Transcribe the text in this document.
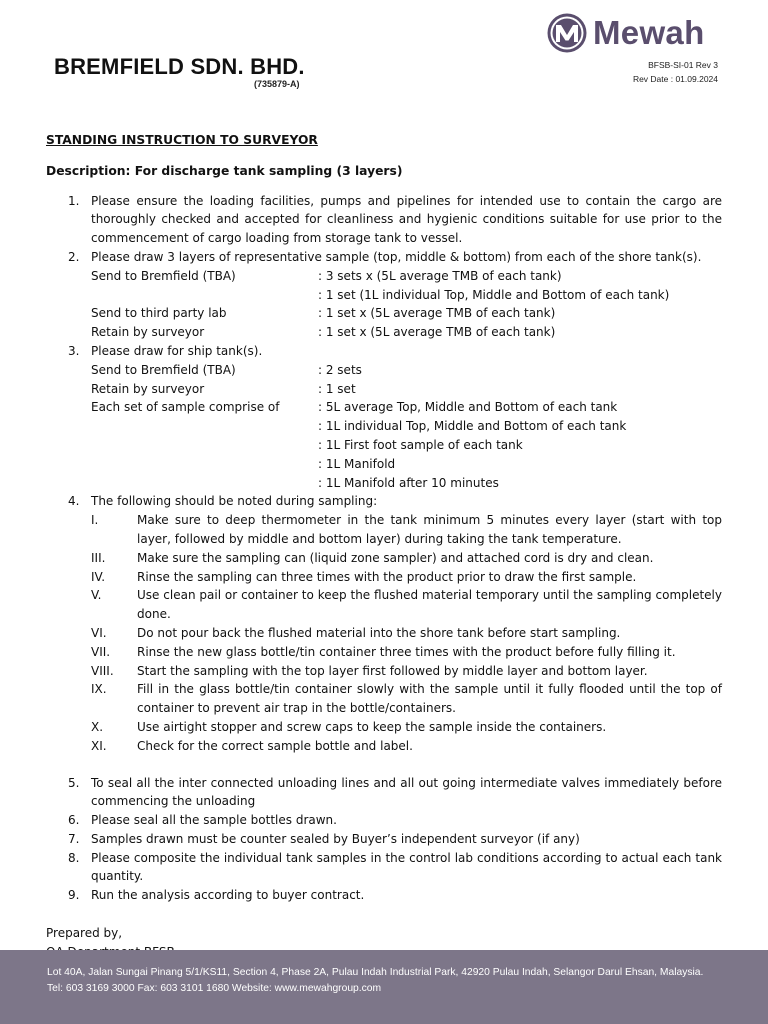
BREMFIELD SDN. BHD.
(735879-A)
Mewah
BFSB-SI-01 Rev 3
Rev Date : 01.09.2024
STANDING INSTRUCTION TO SURVEYOR
Description: For discharge tank sampling (3 layers)
1. Please ensure the loading facilities, pumps and pipelines for intended use to contain the cargo are thoroughly checked and accepted for cleanliness and hygienic conditions suitable for use prior to the commencement of cargo loading from storage tank to vessel.
2. Please draw 3 layers of representative sample (top, middle & bottom) from each of the shore tank(s).
Send to Bremfield (TBA)	: 3 sets x (5L average TMB of each tank)
: 1 set (1L individual Top, Middle and Bottom of each tank)
Send to third party lab	: 1 set x (5L average TMB of each tank)
Retain by surveyor	: 1 set x (5L average TMB of each tank)
3. Please draw for ship tank(s).
Send to Bremfield (TBA)	: 2 sets
Retain by surveyor	: 1 set
Each set of sample comprise of	: 5L average Top, Middle and Bottom of each tank
: 1L individual Top, Middle and Bottom of each tank
: 1L First foot sample of each tank
: 1L Manifold
: 1L Manifold after 10 minutes
4. The following should be noted during sampling:
I.	Make sure to deep thermometer in the tank minimum 5 minutes every layer (start with top layer, followed by middle and bottom layer) during taking the tank temperature.
III.	Make sure the sampling can (liquid zone sampler) and attached cord is dry and clean.
IV.	Rinse the sampling can three times with the product prior to draw the first sample.
V.	Use clean pail or container to keep the flushed material temporary until the sampling completely done.
VI.	Do not pour back the flushed material into the shore tank before start sampling.
VII. Rinse the new glass bottle/tin container three times with the product before fully filling it.
VIII. Start the sampling with the top layer first followed by middle layer and bottom layer.
IX.	Fill in the glass bottle/tin container slowly with the sample until it fully flooded until the top of container to prevent air trap in the bottle/containers.
X.	Use airtight stopper and screw caps to keep the sample inside the containers.
XI.	Check for the correct sample bottle and label.
5. To seal all the inter connected unloading lines and all out going intermediate valves immediately before commencing the unloading
6. Please seal all the sample bottles drawn.
7. Samples drawn must be counter sealed by Buyer’s independent surveyor (if any)
8. Please composite the individual tank samples in the control lab conditions according to actual each tank quantity.
9. Run the analysis according to buyer contract.
Prepared by,
Lot 40A, Jalan Sungai Pinang 5/1/KS11, Section 4, Phase 2A, Pulau Indah Industrial Park, 42920 Pulau Indah, Selangor Darul Ehsan, Malaysia.
Tel: 603 3169 3000 Fax: 603 3101 1680 Website: www.mewahgroup.com
